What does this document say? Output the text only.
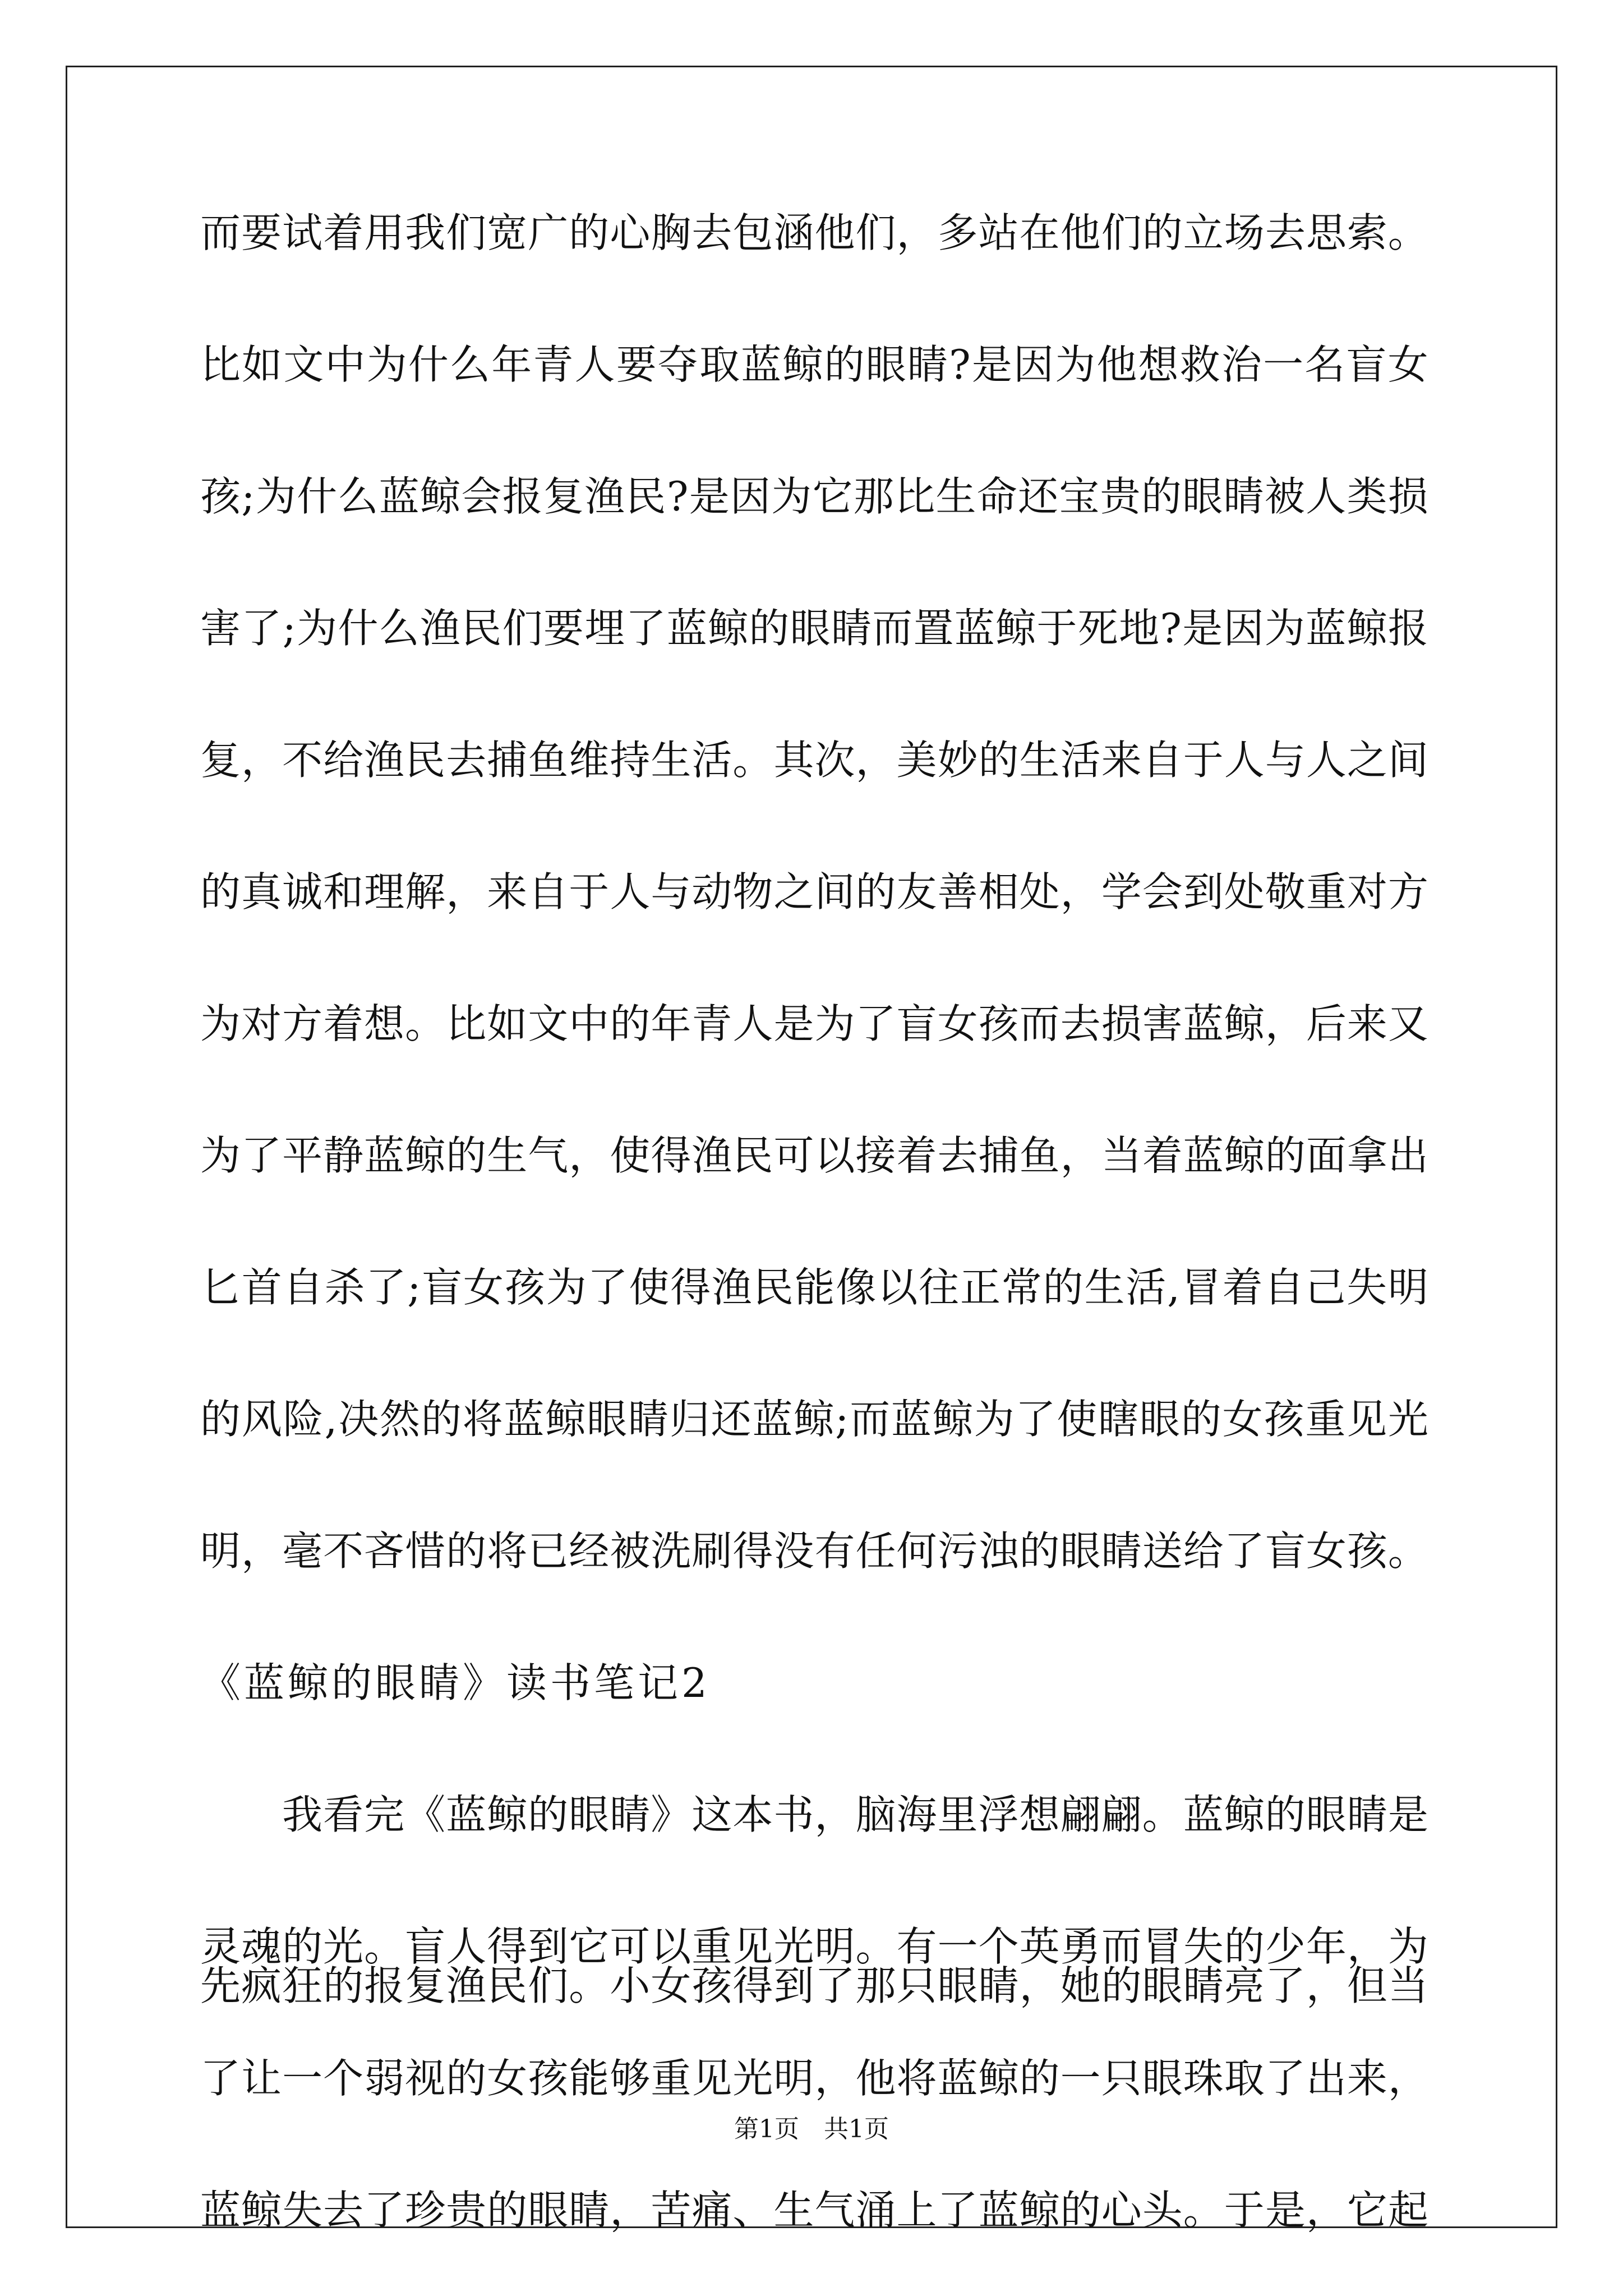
而 要 试 着 用 我 们 宽 广 的 心 胸 去 包 涵 他 们 ， 多 站 在 他 们 的 立 场 去 思 索 。
比 如 文 中 为 什 么 年 青 人 要 夺 取 蓝 鲸 的 眼 睛 ? 是 因 为 他 想 救 治 一 名 盲 女
孩 ; 为 什 么 蓝 鲸 会 报 复 渔 民 ? 是 因 为 它 那 比 生 命 还 宝 贵 的 眼 睛 被 人 类 损
害 了 ; 为 什 么 渔 民 们 要 埋 了 蓝 鲸 的 眼 睛 而 置 蓝 鲸 于 死 地 ? 是 因 为 蓝 鲸 报
复 ， 不 给 渔 民 去 捕 鱼 维 持 生 活 。 其 次 ， 美 妙 的 生 活 来 自 于 人 与 人 之 间
的 真 诚 和 理 解 ， 来 自 于 人 与 动 物 之 间 的 友 善 相 处 ， 学 会 到 处 敬 重 对 方
为 对 方 着 想 。 比 如 文 中 的 年 青 人 是 为 了 盲 女 孩 而 去 损 害 蓝 鲸 ， 后 来 又
为 了 平 静 蓝 鲸 的 生 气 ， 使 得 渔 民 可 以 接 着 去 捕 鱼 ， 当 着 蓝 鲸 的 面 拿 出
匕 首 自 杀 了 ; 盲 女 孩 为 了 使 得 渔 民 能 像 以 往 正 常 的 生 活 , 冒 着 自 己 失 明
的 风 险 , 决 然 的 将 蓝 鲸 眼 睛 归 还 蓝 鲸 ; 而 蓝 鲸 为 了 使 瞎 眼 的 女 孩 重 见 光
明 ， 毫 不 吝 惜 的 将 已 经 被 洗 刷 得 没 有 任 何 污 浊 的 眼 睛 送 给 了 盲 女 孩 。
《蓝鲸的眼睛》读书笔记2
我 看 完 《 蓝 鲸 的 眼 睛 》 这 本 书 ， 脑 海 里 浮 想 翩 翩 。 蓝 鲸 的 眼 睛 是
灵 魂 的 光 。 盲 人 得 到 它 可 以 重 见 光 明 。 有 一 个 英 勇 而 冒 失 的 少 年 ， 为
了 让 一 个 弱 视 的 女 孩 能 够 重 见 光 明 ， 他 将 蓝 鲸 的 一 只 眼 珠 取 了 出 来 ，
蓝 鲸 失 去 了 珍 贵 的 眼 睛 ， 苦 痛 、 生 气 涌 上 了 蓝 鲸 的 心 头 。 于 是 ， 它 起
先 疯 狂 的 报 复 渔 民 们 。 小 女 孩 得 到 了 那 只 眼 睛 ， 她 的 眼 睛 亮 了 ， 但 当
第1页　共1页
